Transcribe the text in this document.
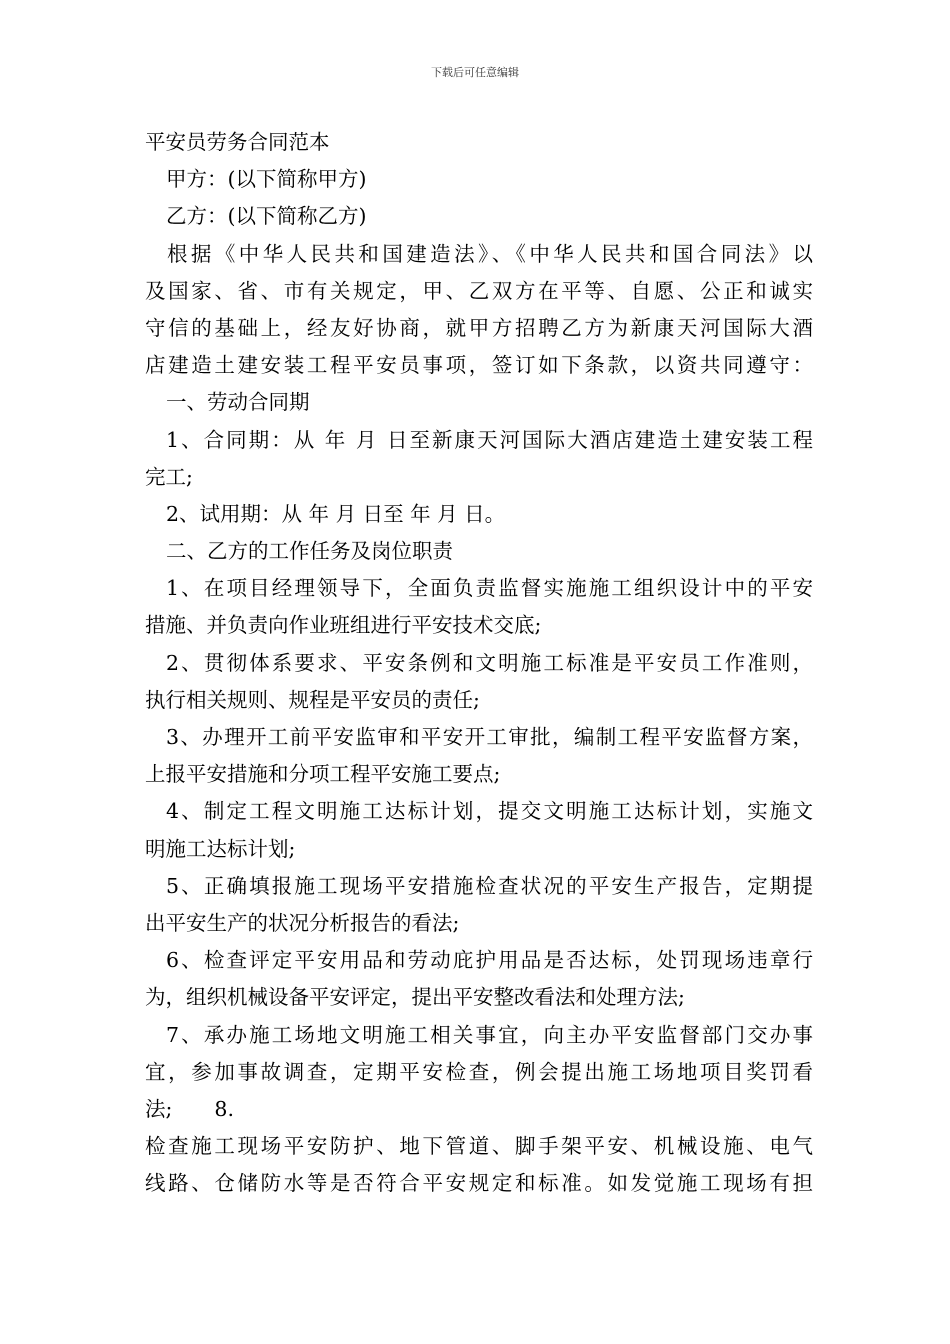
下载后可任意编辑
平安员劳务合同范本
甲方：(以下简称甲方)
乙方：(以下简称乙方)
根据《中华人民共和国建造法》、《中华人民共和国合同法》以
及国家、省、市有关规定，甲、乙双方在平等、自愿、公正和诚实
守信的基础上，经友好协商，就甲方招聘乙方为新康天河国际大酒
店建造土建安装工程平安员事项，签订如下条款，以资共同遵守：
一、劳动合同期
1、合同期：从 年 月 日至新康天河国际大酒店建造土建安装工程
完工;
2、试用期：从 年 月 日至 年 月 日。
二、乙方的工作任务及岗位职责
1、在项目经理领导下，全面负责监督实施施工组织设计中的平安
措施、并负责向作业班组进行平安技术交底;
2、贯彻体系要求、平安条例和文明施工标准是平安员工作准则，
执行相关规则、规程是平安员的责任;
3、办理开工前平安监审和平安开工审批，编制工程平安监督方案，
上报平安措施和分项工程平安施工要点;
4、制定工程文明施工达标计划，提交文明施工达标计划，实施文
明施工达标计划;
5、正确填报施工现场平安措施检查状况的平安生产报告，定期提
出平安生产的状况分析报告的看法;
6、检查评定平安用品和劳动庇护用品是否达标，处罚现场违章行
为，组织机械设备平安评定，提出平安整改看法和处理方法;
7、承办施工场地文明施工相关事宜，向主办平安监督部门交办事
宜，参加事故调查，定期平安检查，例会提出施工场地项目奖罚看
法; 8.
检查施工现场平安防护、地下管道、脚手架平安、机械设施、电气
线路、仓储防水等是否符合平安规定和标准。如发觉施工现场有担
